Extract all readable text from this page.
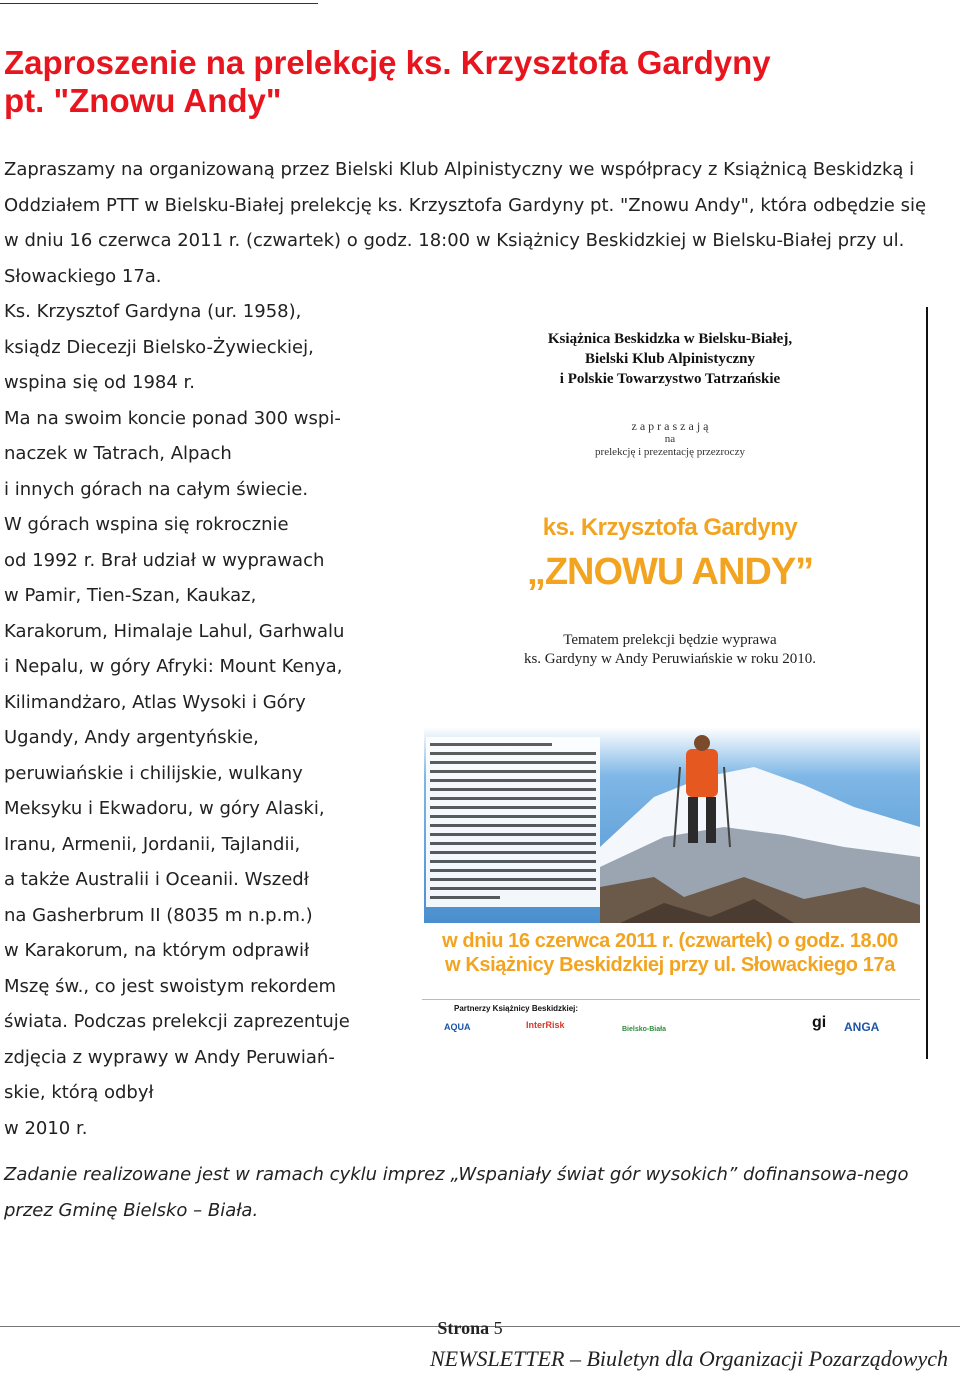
Zaproszenie na prelekcję ks. Krzysztofa Gardyny
pt. "Znowu Andy"

Zapraszamy na organizowaną przez Bielski Klub Alpinistyczny we współpracy z Książnicą Beskidzką i Oddziałem PTT w Bielsku-Białej prelekcję ks. Krzysztofa Gardyny pt. "Znowu Andy", która odbędzie się w dniu 16 czerwca 2011 r. (czwartek) o godz. 18:00 w Książnicy Beskidzkiej w Bielsku-Białej przy ul. Słowackiego 17a.

Ks. Krzysztof Gardyna (ur. 1958),
ksiądz Diecezji Bielsko-Żywieckiej,
wspina się od 1984 r.
Ma na swoim koncie ponad 300 wspi-
naczek w Tatrach, Alpach
i innych górach na całym świecie.
W górach wspina się rokrocznie
od 1992 r. Brał udział w wyprawach
w Pamir, Tien-Szan, Kaukaz,
Karakorum, Himalaje Lahul, Garhwalu
i Nepalu, w góry Afryki: Mount Kenya,
Kilimandżaro, Atlas Wysoki i Góry
Ugandy, Andy argentyńskie,
peruwiańskie i chilijskie, wulkany
Meksyku i Ekwadoru, w góry Alaski,
Iranu, Armenii, Jordanii, Tajlandii,
a także Australii i Oceanii. Wszedł
na Gasherbrum II (8035 m n.p.m.)
w Karakorum, na którym odprawił
Mszę św., co jest swoistym rekordem
świata. Podczas prelekcji zaprezentuje
zdjęcia z wyprawy w Andy Peruwiań-
skie, którą odbył
w 2010 r.

Książnica Beskidzka w Bielsku-Białej,
Bielski Klub Alpinistyczny
i Polskie Towarzystwo Tatrzańskie
z a p r a s z a j ą
na
prelekcję i prezentację przezroczy
ks. Krzysztofa Gardyny
„ZNOWU ANDY”
Tematem prelekcji będzie wyprawa
ks. Gardyny w Andy Peruwiańskie w roku 2010.
w dniu 16 czerwca 2011 r. (czwartek) o godz. 18.00
w Książnicy Beskidzkiej przy ul. Słowackiego 17a
Partnerzy Książnicy Beskidzkiej:
AQUA	InterRisk	Bielsko-Biała	gi ANGA

Zadanie realizowane jest w ramach cyklu imprez „Wspaniały świat gór wysokich” dofinansowa-nego przez Gminę Bielsko – Biała.

Strona 5
NEWSLETTER – Biuletyn dla Organizacji Pozarządowych
